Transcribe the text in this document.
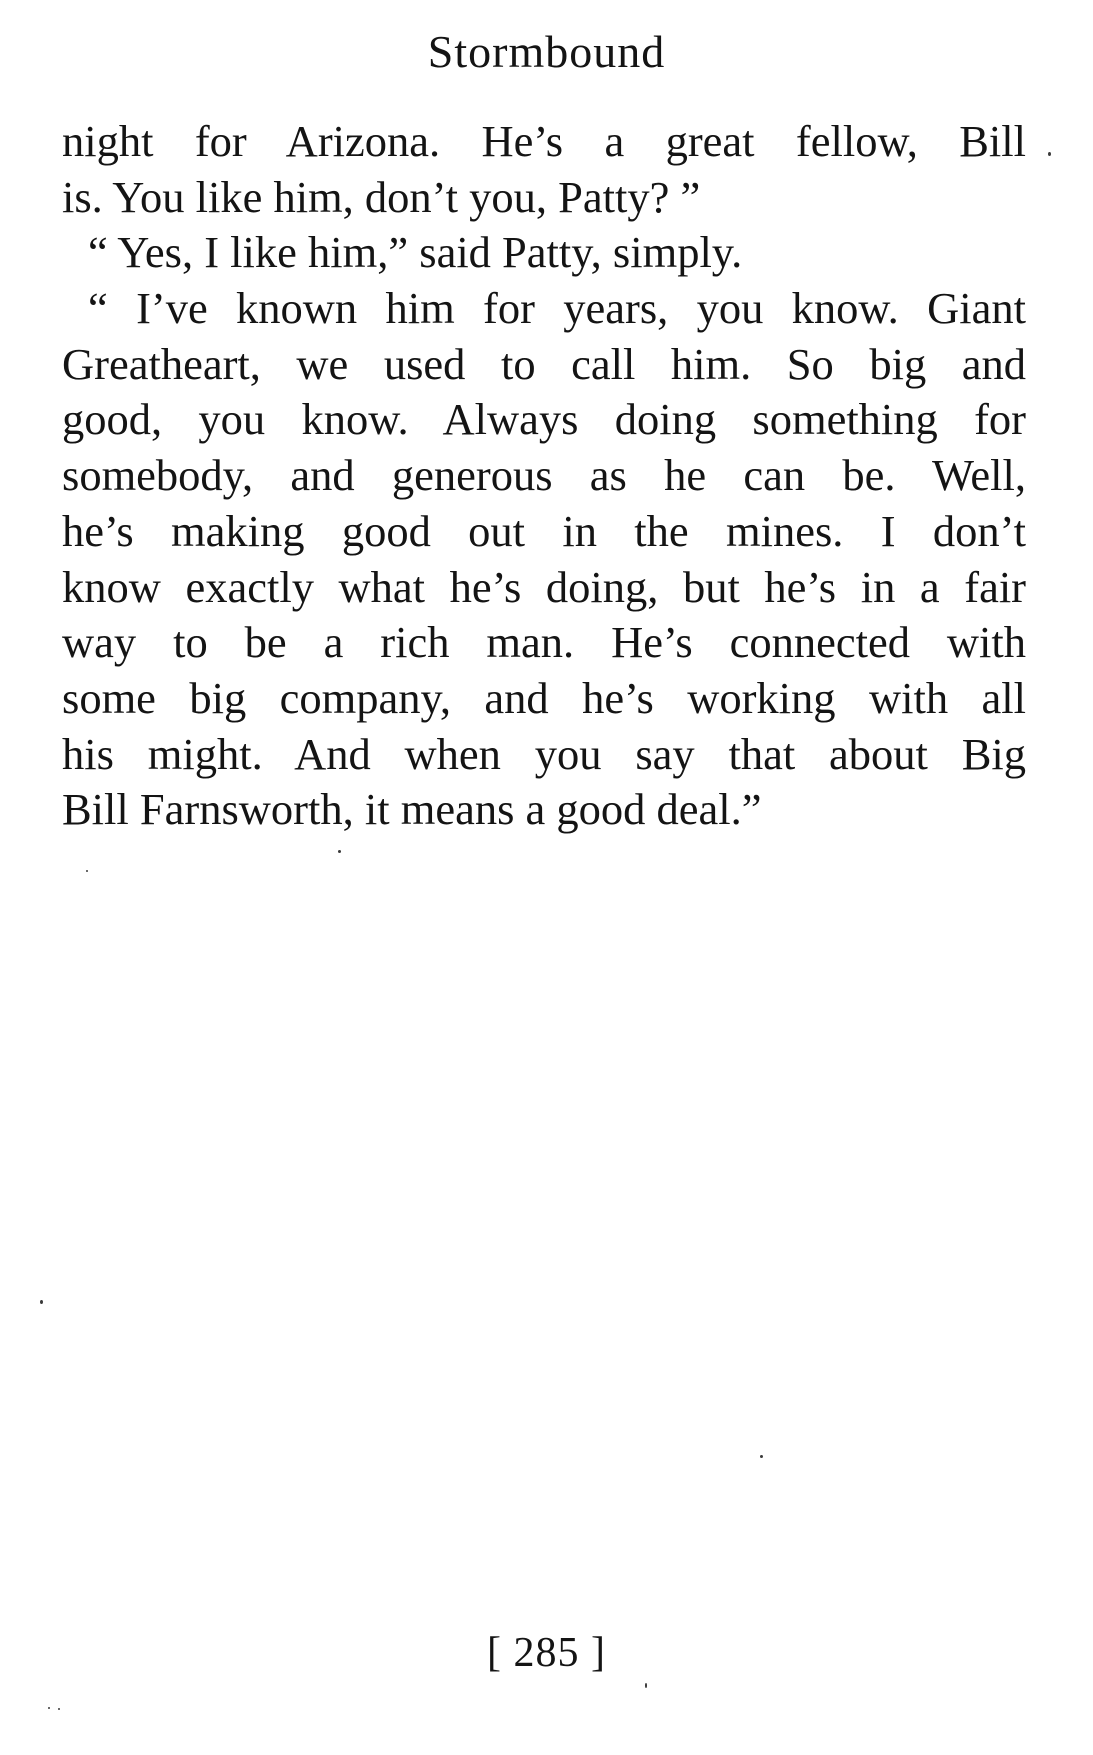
Stormbound
night for Arizona. He’s a great fellow, Bill
is. You like him, don’t you, Patty? ”
“ Yes, I like him,” said Patty, simply.
“ I’ve known him for years, you know. Giant
Greatheart, we used to call him. So big and
good, you know. Always doing something for
somebody, and generous as he can be. Well,
he’s making good out in the mines. I don’t
know exactly what he’s doing, but he’s in a fair
way to be a rich man. He’s connected with
some big company, and he’s working with all
his might. And when you say that about Big
Bill Farnsworth, it means a good deal.”
[ 285 ]
